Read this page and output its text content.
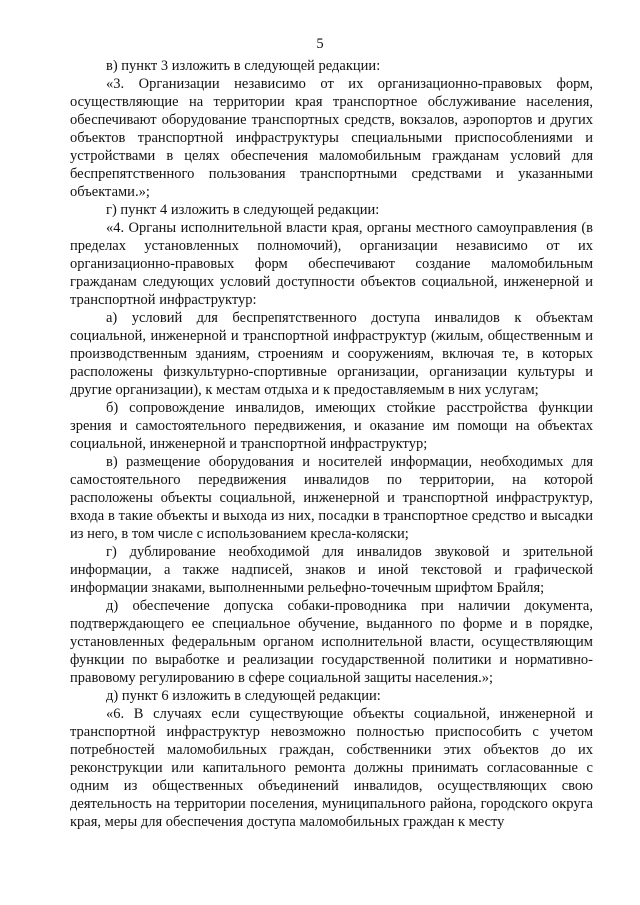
5

в) пункт 3 изложить в следующей редакции:

«3. Организации независимо от их организационно-правовых форм, осуществляющие на территории края транспортное обслуживание населения, обеспечивают оборудование транспортных средств, вокзалов, аэропортов и других объектов транспортной инфраструктуры специальными приспособлениями и устройствами в целях обеспечения маломобильным гражданам условий для беспрепятственного пользования транспортными средствами и указанными объектами.»;

г) пункт 4 изложить в следующей редакции:

«4. Органы исполнительной власти края, органы местного самоуправления (в пределах установленных полномочий), организации независимо от их организационно-правовых форм обеспечивают создание маломобильным гражданам следующих условий доступности объектов социальной, инженерной и транспортной инфраструктур:

а) условий для беспрепятственного доступа инвалидов к объектам социальной, инженерной и транспортной инфраструктур (жилым, общественным и производственным зданиям, строениям и сооружениям, включая те, в которых расположены физкультурно-спортивные организации, организации культуры и другие организации), к местам отдыха и к предоставляемым в них услугам;

б) сопровождение инвалидов, имеющих стойкие расстройства функции зрения и самостоятельного передвижения, и оказание им помощи на объектах социальной, инженерной и транспортной инфраструктур;

в) размещение оборудования и носителей информации, необходимых для самостоятельного передвижения инвалидов по территории, на которой расположены объекты социальной, инженерной и транспортной инфраструктур, входа в такие объекты и выхода из них, посадки в транспортное средство и высадки из него, в том числе с использованием кресла-коляски;

г) дублирование необходимой для инвалидов звуковой и зрительной информации, а также надписей, знаков и иной текстовой и графической информации знаками, выполненными рельефно-точечным шрифтом Брайля;

д) обеспечение допуска собаки-проводника при наличии документа, подтверждающего ее специальное обучение, выданного по форме и в порядке, установленных федеральным органом исполнительной власти, осуществляющим функции по выработке и реализации государственной политики и нормативно-правовому регулированию в сфере социальной защиты населения.»;

д) пункт 6 изложить в следующей редакции:

«6. В случаях если существующие объекты социальной, инженерной и транспортной инфраструктур невозможно полностью приспособить с учетом потребностей маломобильных граждан, собственники этих объектов до их реконструкции или капитального ремонта должны принимать согласованные с одним из общественных объединений инвалидов, осуществляющих свою деятельность на территории поселения, муниципального района, городского округа края, меры для обеспечения доступа маломобильных граждан к месту
